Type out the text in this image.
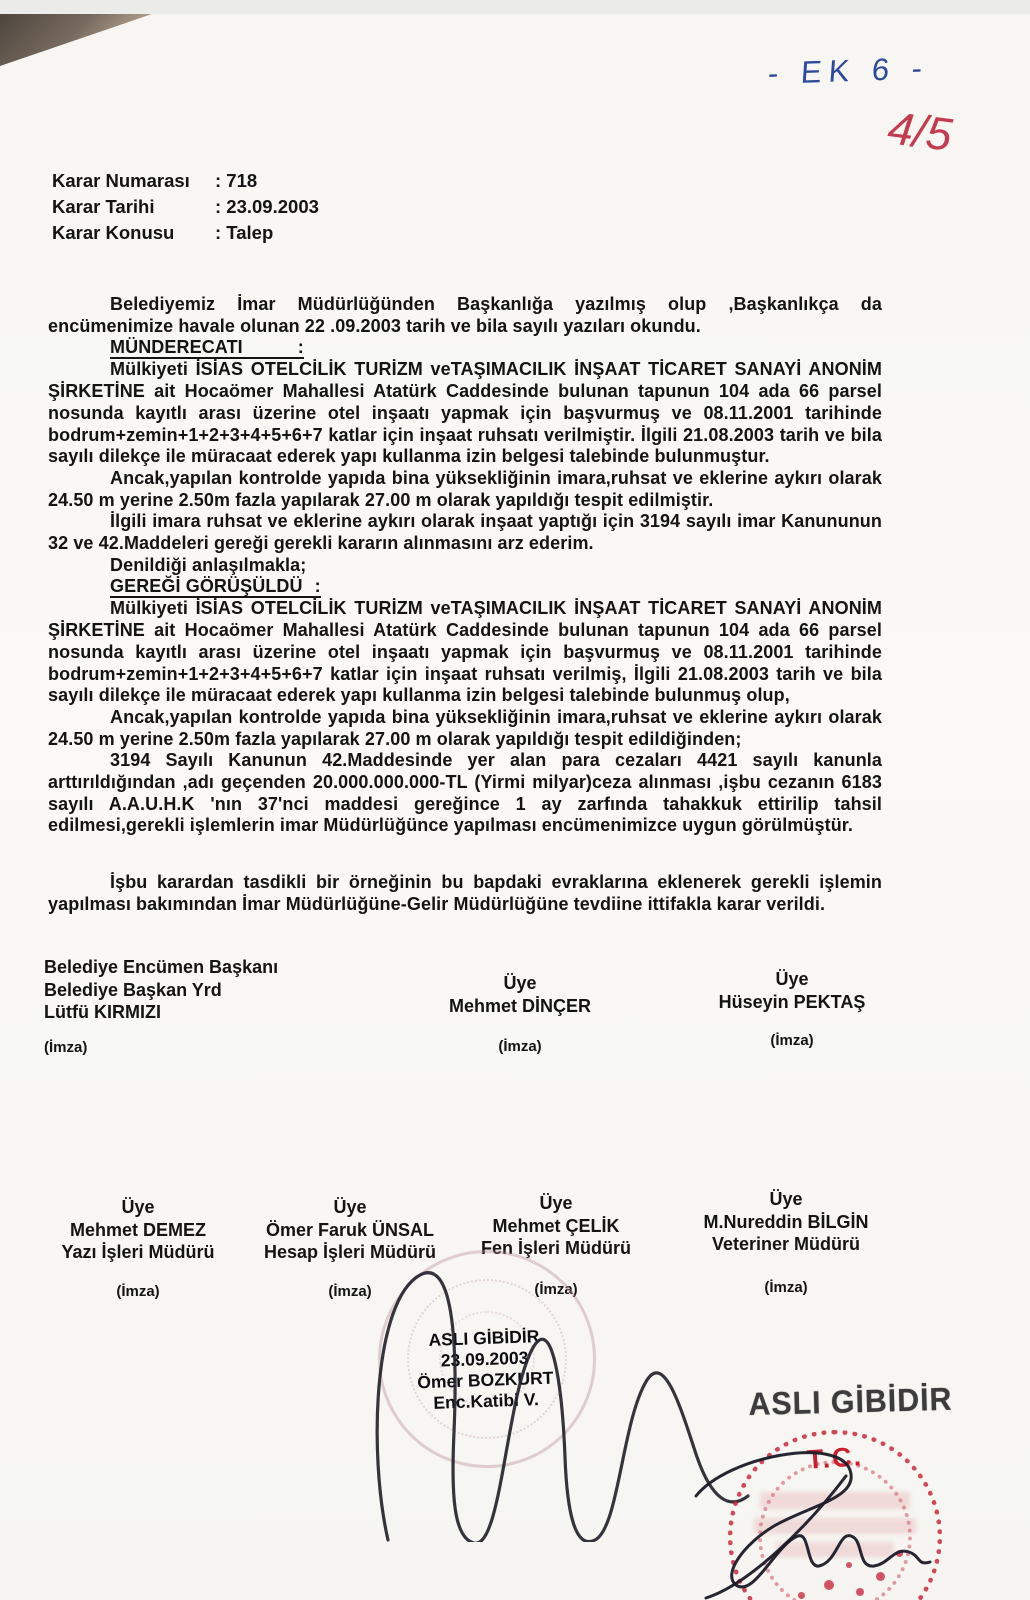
- EK 6 -
4/5
Karar Numarası	: 718
Karar Tarihi	: 23.09.2003
Karar Konusu	: Talep

Belediyemiz İmar Müdürlüğünden Başkanlığa yazılmış olup ,Başkanlıkça da encümenimize havale olunan 22 .09.2003 tarih ve bila sayılı yazıları okundu.

MÜNDERECATI	:

Mülkiyeti İSİAS OTELCİLİK TURİZM veTAŞIMACILIK İNŞAAT TİCARET SANAYİ ANONİM ŞİRKETİNE ait Hocaömer Mahallesi Atatürk Caddesinde bulunan tapunun 104 ada 66 parsel nosunda kayıtlı arası üzerine otel inşaatı yapmak için başvurmuş ve 08.11.2001 tarihinde bodrum+zemin+1+2+3+4+5+6+7 katlar için inşaat ruhsatı verilmiştir. İlgili 21.08.2003 tarih ve bila sayılı dilekçe ile müracaat ederek yapı kullanma izin belgesi talebinde bulunmuştur.

Ancak,yapılan kontrolde yapıda bina yüksekliğinin imara,ruhsat ve eklerine aykırı olarak 24.50 m yerine 2.50m fazla yapılarak 27.00 m olarak yapıldığı tespit edilmiştir.

İlgili imara ruhsat ve eklerine aykırı olarak inşaat yaptığı için 3194 sayılı imar Kanununun 32 ve 42.Maddeleri gereği gerekli kararın alınmasını arz ederim.

Denildiği anlaşılmakla;

GEREĞİ GÖRÜŞÜLDÜ :

Mülkiyeti İSİAS OTELCİLİK TURİZM veTAŞIMACILIK İNŞAAT TİCARET SANAYİ ANONİM ŞİRKETİNE ait Hocaömer Mahallesi Atatürk Caddesinde bulunan tapunun 104 ada 66 parsel nosunda kayıtlı arası üzerine otel inşaatı yapmak için başvurmuş ve 08.11.2001 tarihinde bodrum+zemin+1+2+3+4+5+6+7 katlar için inşaat ruhsatı verilmiş, İlgili 21.08.2003 tarih ve bila sayılı dilekçe ile müracaat ederek yapı kullanma izin belgesi talebinde bulunmuş olup,

Ancak,yapılan kontrolde yapıda bina yüksekliğinin imara,ruhsat ve eklerine aykırı olarak 24.50 m yerine 2.50m fazla yapılarak 27.00 m olarak yapıldığı tespit edildiğinden;

3194 Sayılı Kanunun 42.Maddesinde yer alan para cezaları 4421 sayılı kanunla arttırıldığından ,adı geçenden 20.000.000.000-TL (Yirmi milyar)ceza alınması ,işbu cezanın 6183 sayılı A.A.U.H.K 'nın 37'nci maddesi gereğince 1 ay zarfında tahakkuk ettirilip tahsil edilmesi,gerekli işlemlerin imar Müdürlüğünce yapılması encümenimizce uygun görülmüştür.

İşbu karardan tasdikli bir örneğinin bu bapdaki evraklarına eklenerek gerekli işlemin yapılması bakımından İmar Müdürlüğüne-Gelir Müdürlüğüne tevdiine ittifakla karar verildi.

Belediye Encümen Başkanı
Belediye Başkan Yrd
Lütfü KIRMIZI
(İmza)
Üye
Mehmet DİNÇER
(İmza)
Üye
Hüseyin PEKTAŞ
(İmza)
Üye
Mehmet DEMEZ
Yazı İşleri Müdürü
(İmza)
Üye
Ömer Faruk ÜNSAL
Hesap İşleri Müdürü
(İmza)
Üye
Mehmet ÇELİK
Fen İşleri Müdürü
(İmza)
Üye
M.Nureddin BİLGİN
Veteriner Müdürü
(İmza)
ASLI GİBİDİR
23.09.2003
Ömer BOZKURT
Enc.Katibi V.	ASLI GİBİDİR
T.C.
